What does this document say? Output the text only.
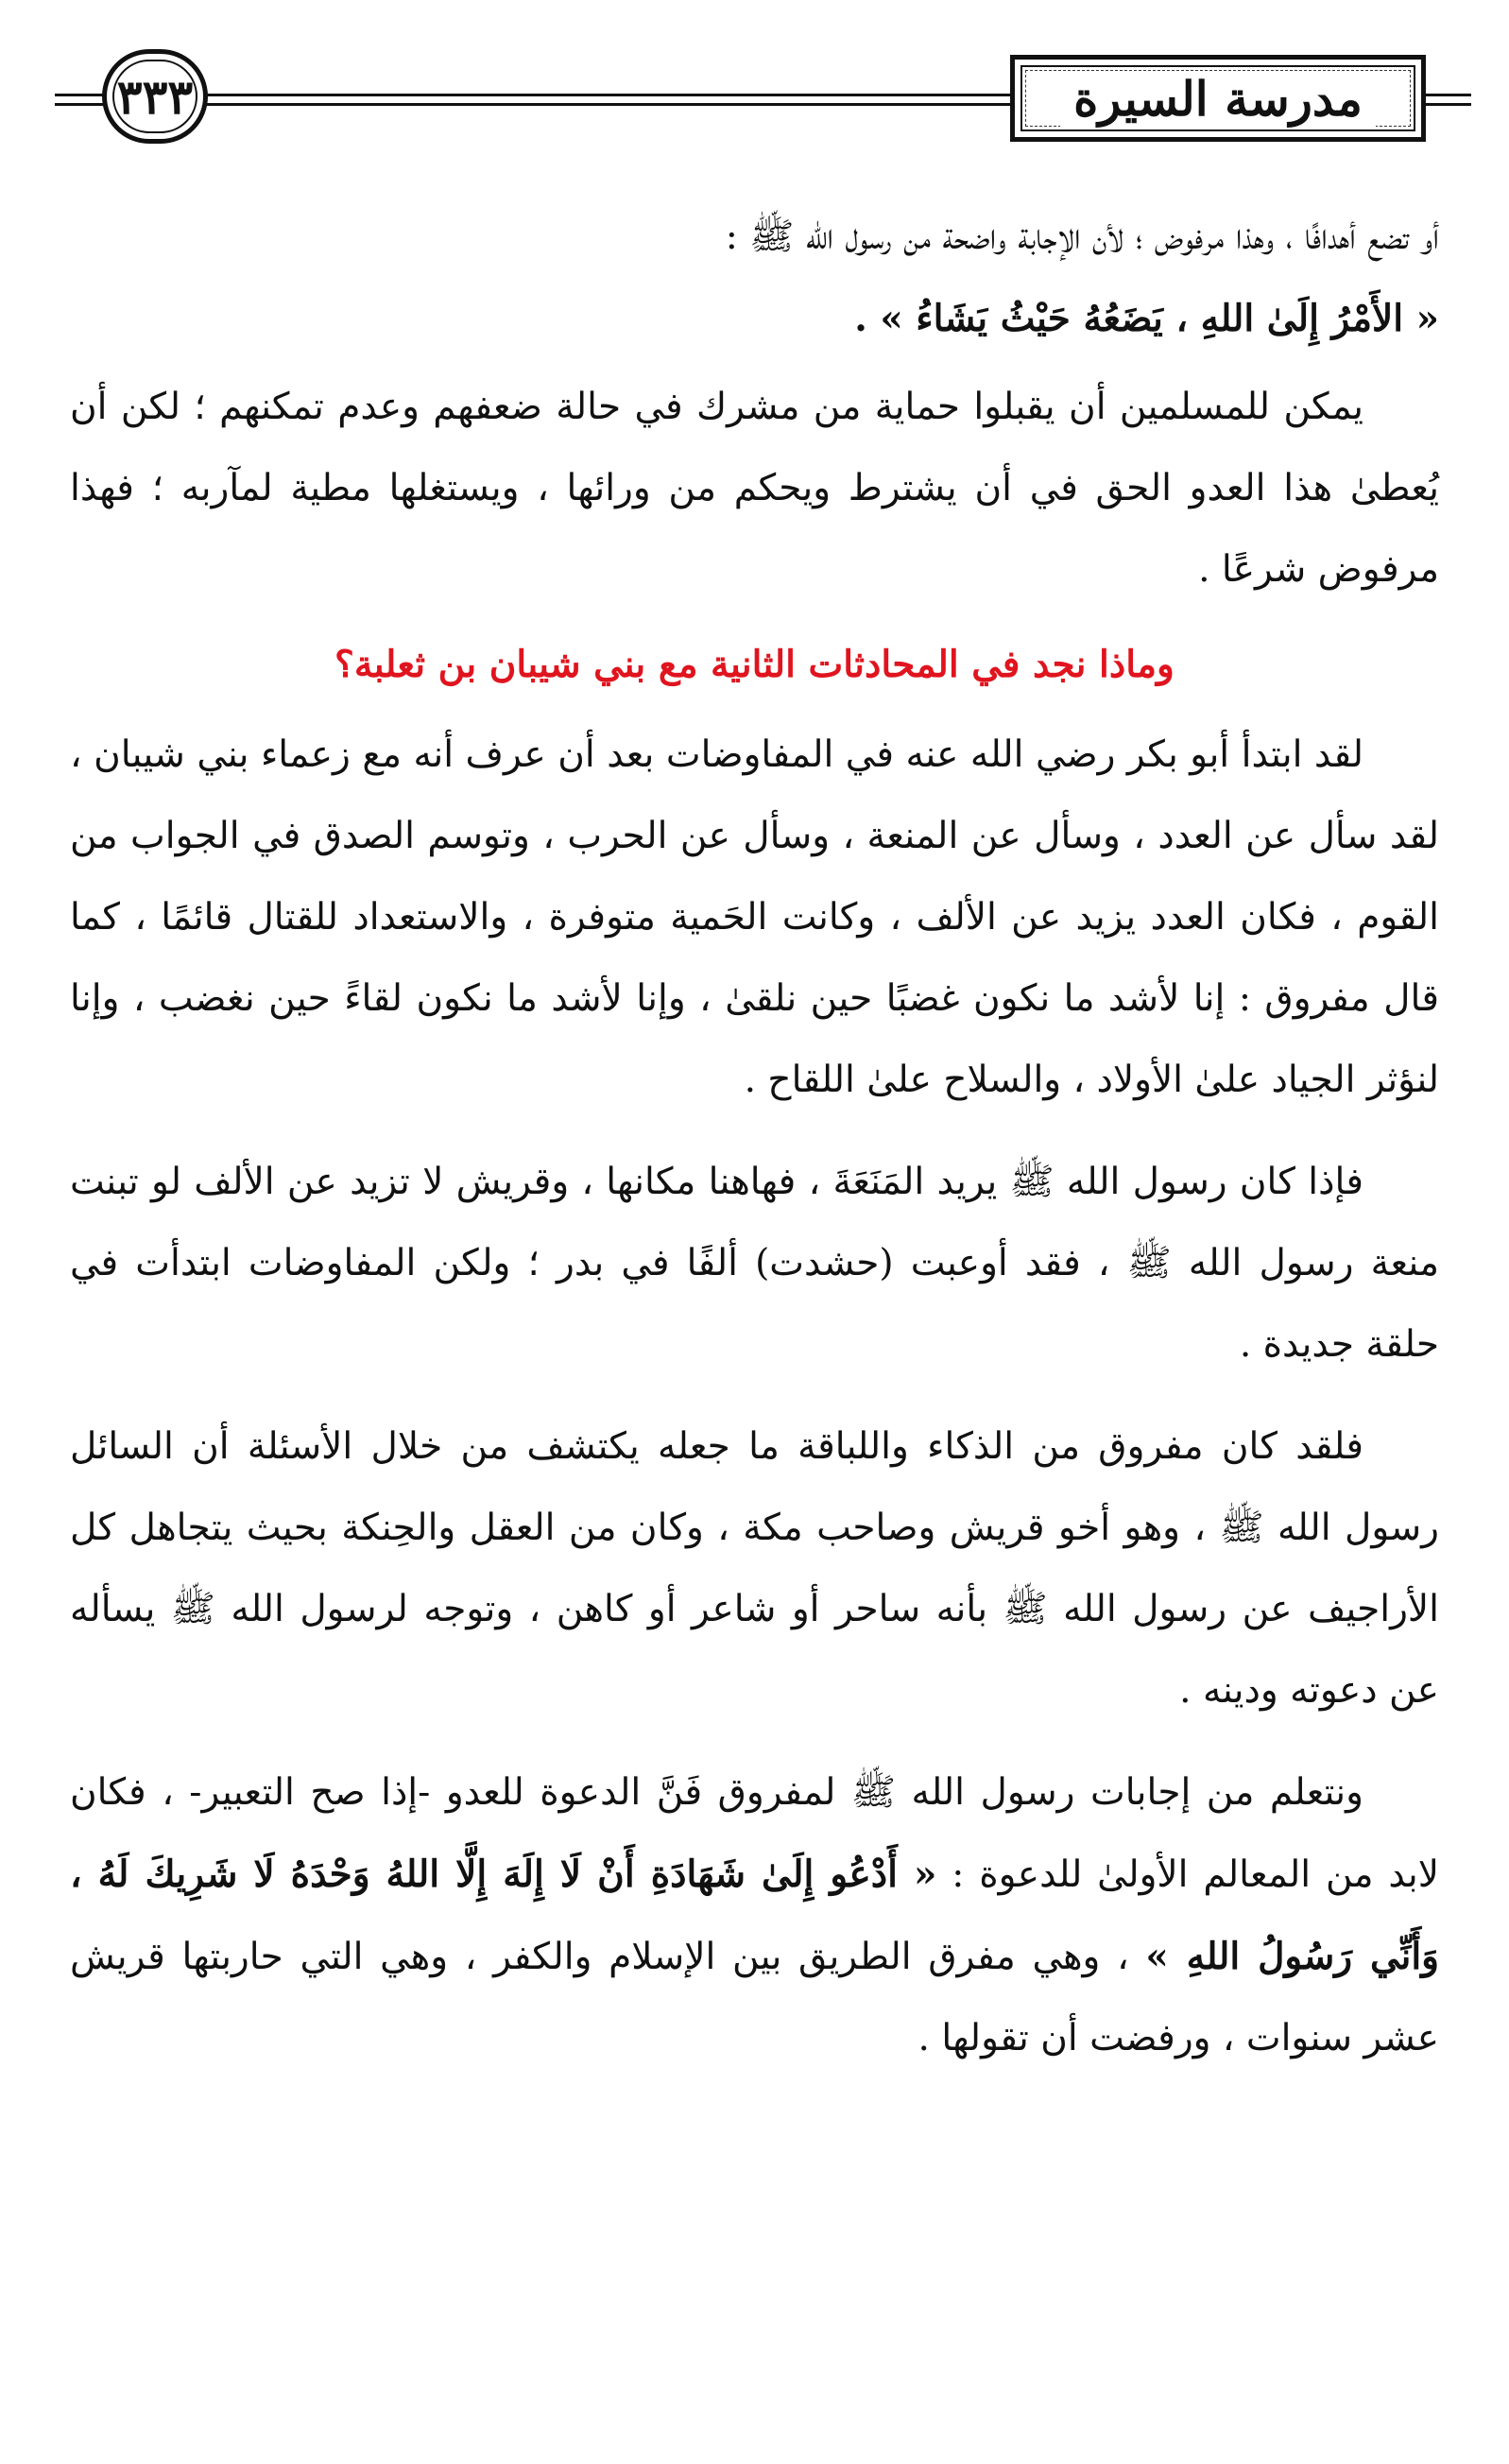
٣٣٣	مدرسة السيرة

أو تضع أهدافًا ، وهذا مرفوض ؛ لأن الإجابة واضحة من رسول الله ﷺ :
« الأَمْرُ إِلَىٰ اللهِ ، يَضَعُهُ حَيْثُ يَشَاءُ » .

يمكن للمسلمين أن يقبلوا حماية من مشرك في حالة ضعفهم وعدم تمكنهم ؛ لكن أن يُعطىٰ هذا العدو الحق في أن يشترط ويحكم من ورائها ، ويستغلها مطية لمآربه ؛ فهذا مرفوض شرعًا .

وماذا نجد في المحادثات الثانية مع بني شيبان بن ثعلبة؟

لقد ابتدأ أبو بكر رضي الله عنه في المفاوضات بعد أن عرف أنه مع زعماء بني شيبان ، لقد سأل عن العدد ، وسأل عن المنعة ، وسأل عن الحرب ، وتوسم الصدق في الجواب من القوم ، فكان العدد يزيد عن الألف ، وكانت الحَمية متوفرة ، والاستعداد للقتال قائمًا ، كما قال مفروق : إنا لأشد ما نكون غضبًا حين نلقىٰ ، وإنا لأشد ما نكون لقاءً حين نغضب ، وإنا لنؤثر الجياد علىٰ الأولاد ، والسلاح علىٰ اللقاح .

فإذا كان رسول الله ﷺ يريد المَنَعَةَ ، فهاهنا مكانها ، وقريش لا تزيد عن الألف لو تبنت منعة رسول الله ﷺ ، فقد أوعبت (حشدت) ألفًا في بدر ؛ ولكن المفاوضات ابتدأت في حلقة جديدة .

فلقد كان مفروق من الذكاء واللباقة ما جعله يكتشف من خلال الأسئلة أن السائل رسول الله ﷺ ، وهو أخو قريش وصاحب مكة ، وكان من العقل والحِنكة بحيث يتجاهل كل الأراجيف عن رسول الله ﷺ بأنه ساحر أو شاعر أو كاهن ، وتوجه لرسول الله ﷺ يسأله عن دعوته ودينه .

ونتعلم من إجابات رسول الله ﷺ لمفروق فَنَّ الدعوة للعدو -إذا صح التعبير- ، فكان لابد من المعالم الأولىٰ للدعوة : « أَدْعُو إِلَىٰ شَهَادَةِ أَنْ لَا إِلَهَ إِلَّا اللهُ وَحْدَهُ لَا شَرِيكَ لَهُ ، وَأَنِّي رَسُولُ اللهِ » ، وهي مفرق الطريق بين الإسلام والكفر ، وهي التي حاربتها قريش عشر سنوات ، ورفضت أن تقولها .
